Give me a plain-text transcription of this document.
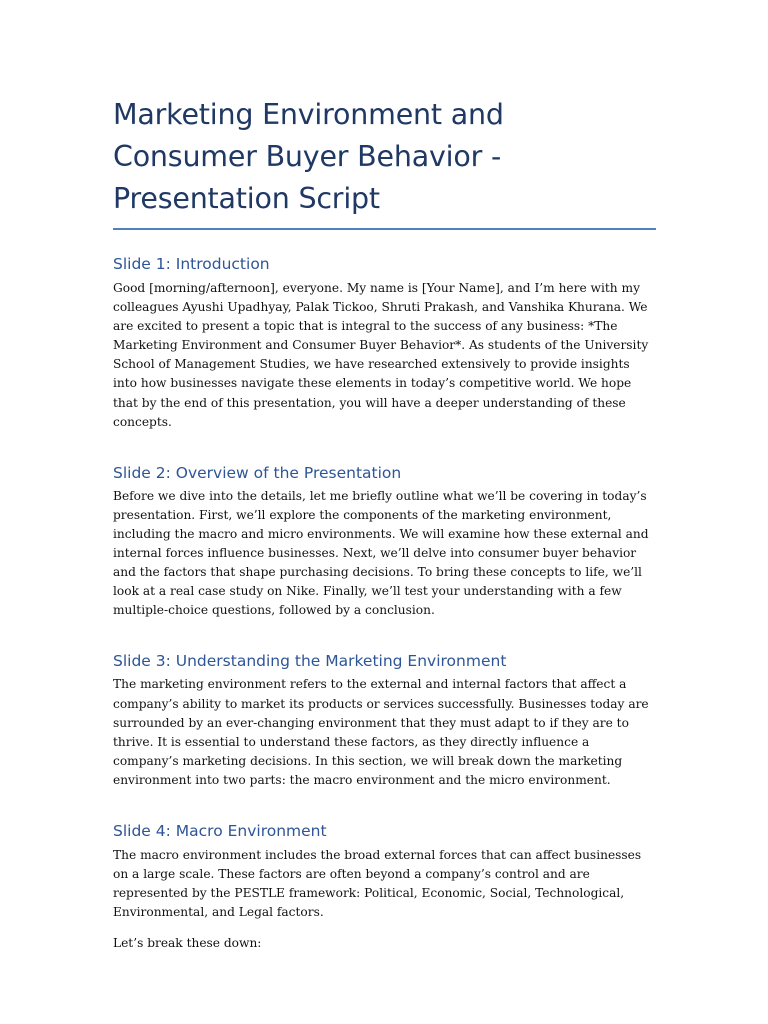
Marketing Environment and Consumer Buyer Behavior - Presentation Script
Slide 1: Introduction

Good [morning/afternoon], everyone. My name is [Your Name], and I’m here with my colleagues Ayushi Upadhyay, Palak Tickoo, Shruti Prakash, and Vanshika Khurana. We are excited to present a topic that is integral to the success of any business: *The Marketing Environment and Consumer Buyer Behavior*. As students of the University School of Management Studies, we have researched extensively to provide insights into how businesses navigate these elements in today’s competitive world. We hope that by the end of this presentation, you will have a deeper understanding of these concepts.

Slide 2: Overview of the Presentation

Before we dive into the details, let me briefly outline what we’ll be covering in today’s presentation. First, we’ll explore the components of the marketing environment, including the macro and micro environments. We will examine how these external and internal forces influence businesses. Next, we’ll delve into consumer buyer behavior and the factors that shape purchasing decisions. To bring these concepts to life, we’ll look at a real case study on Nike. Finally, we’ll test your understanding with a few multiple-choice questions, followed by a conclusion.

Slide 3: Understanding the Marketing Environment

The marketing environment refers to the external and internal factors that affect a company’s ability to market its products or services successfully. Businesses today are surrounded by an ever-changing environment that they must adapt to if they are to thrive. It is essential to understand these factors, as they directly influence a company’s marketing decisions. In this section, we will break down the marketing environment into two parts: the macro environment and the micro environment.

Slide 4: Macro Environment

The macro environment includes the broad external forces that can affect businesses on a large scale. These factors are often beyond a company’s control and are represented by the PESTLE framework: Political, Economic, Social, Technological, Environmental, and Legal factors.

Let’s break these down:
